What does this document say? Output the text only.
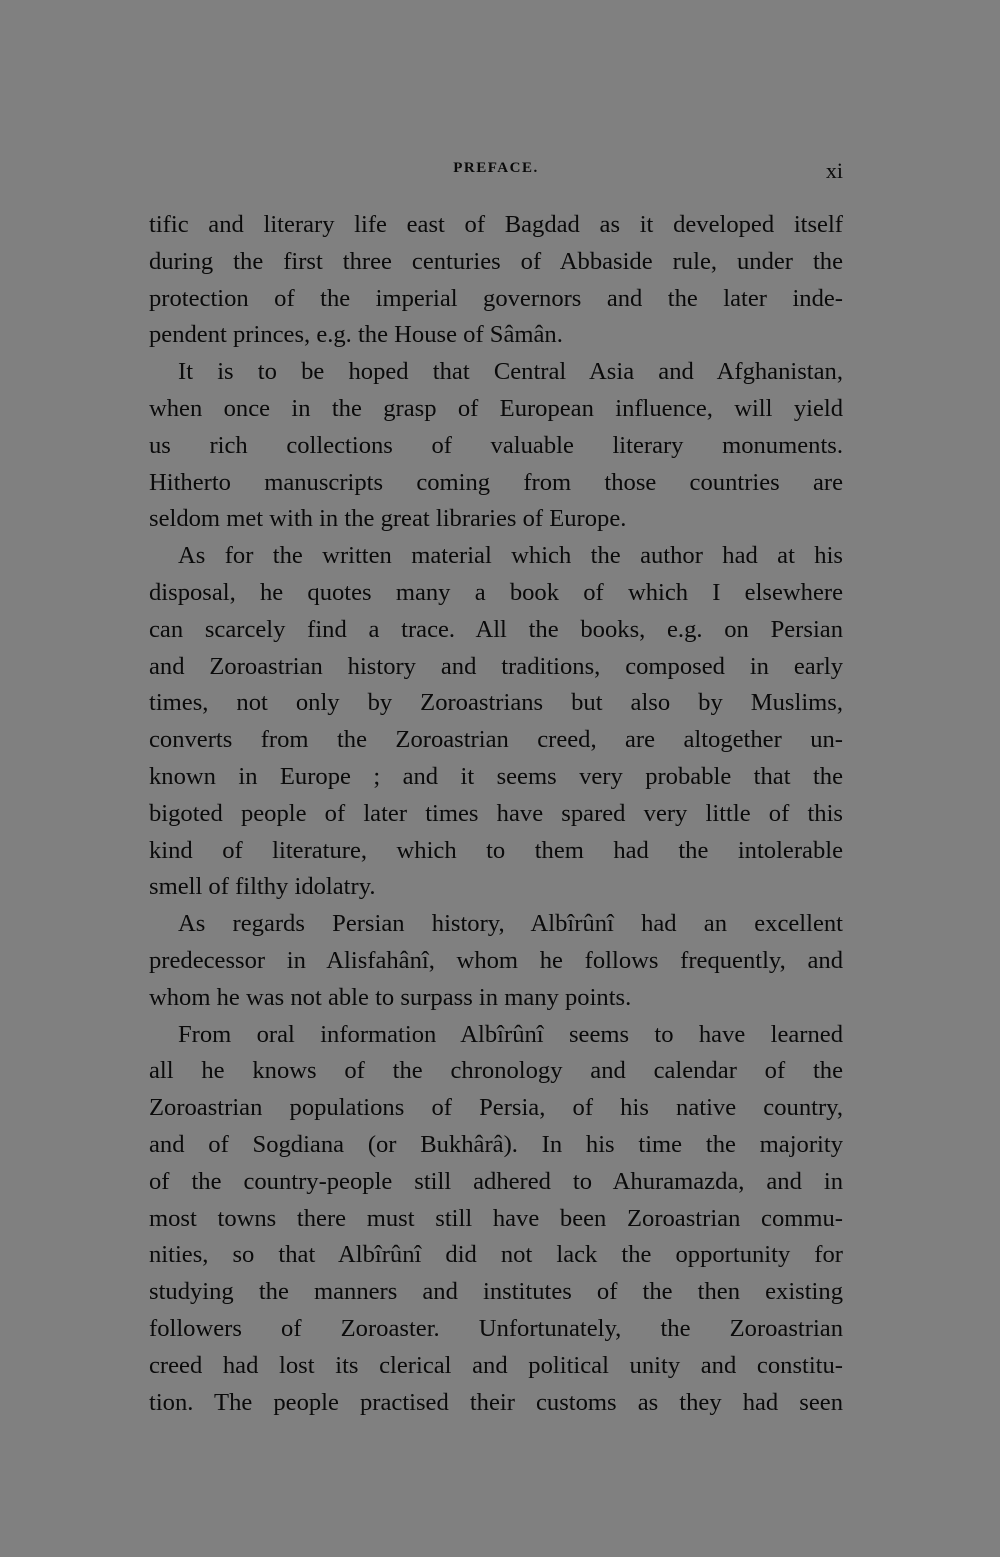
PREFACE.	xi
tific and literary life east of Bagdad as it developed itself
during the first three centuries of Abbaside rule, under the
protection of the imperial governors and the later inde-
pendent princes, e.g. the House of Sâmân.
It is to be hoped that Central Asia and Afghanistan,
when once in the grasp of European influence, will yield
us rich collections of valuable literary monuments.
Hitherto manuscripts coming from those countries are
seldom met with in the great libraries of Europe.
As for the written material which the author had at his
disposal, he quotes many a book of which I elsewhere
can scarcely find a trace. All the books, e.g. on Persian
and Zoroastrian history and traditions, composed in early
times, not only by Zoroastrians but also by Muslims,
converts from the Zoroastrian creed, are altogether un-
known in Europe ; and it seems very probable that the
bigoted people of later times have spared very little of this
kind of literature, which to them had the intolerable
smell of filthy idolatry.
As regards Persian history, Albîrûnî had an excellent
predecessor in Alisfahânî, whom he follows frequently, and
whom he was not able to surpass in many points.
From oral information Albîrûnî seems to have learned
all he knows of the chronology and calendar of the
Zoroastrian populations of Persia, of his native country,
and of Sogdiana (or Bukhârâ). In his time the majority
of the country-people still adhered to Ahuramazda, and in
most towns there must still have been Zoroastrian commu-
nities, so that Albîrûnî did not lack the opportunity for
studying the manners and institutes of the then existing
followers of Zoroaster. Unfortunately, the Zoroastrian
creed had lost its clerical and political unity and constitu-
tion. The people practised their customs as they had seen
